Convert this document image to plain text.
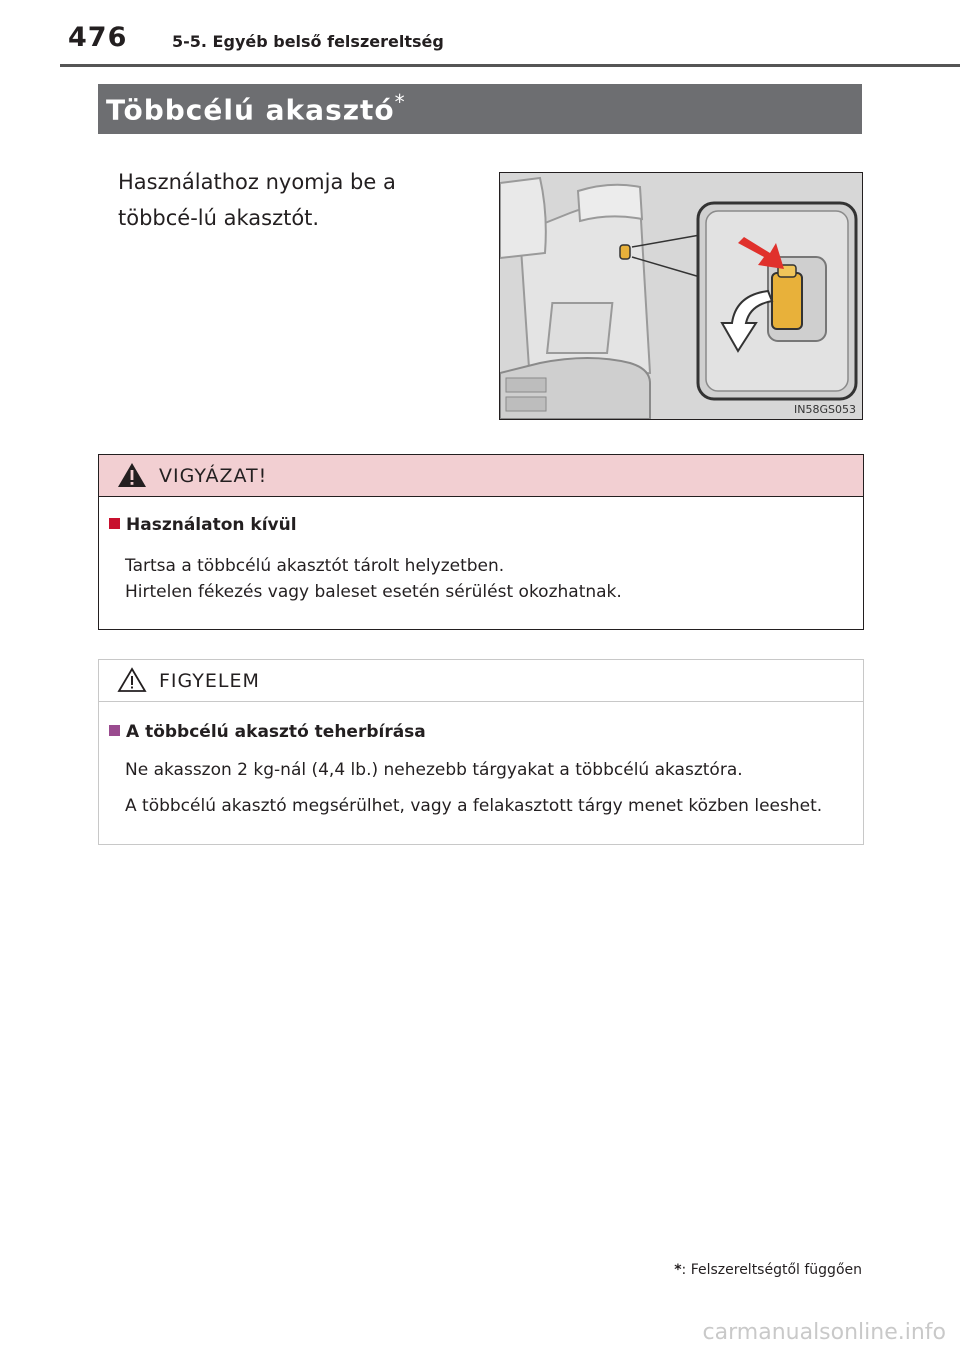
476	5-5. Egyéb belső felszereltség
Többcélú akasztó*
Használathoz nyomja be a többcé-lú akasztót.
IN58GS053
VIGYÁZAT!
Használaton kívül
Tartsa a többcélú akasztót tárolt helyzetben.
Hirtelen fékezés vagy baleset esetén sérülést okozhatnak.
FIGYELEM
A többcélú akasztó teherbírása
Ne akasszon 2 kg-nál (4,4 lb.) nehezebb tárgyakat a többcélú akasztóra.
A többcélú akasztó megsérülhet, vagy a felakasztott tárgy menet közben leeshet.
*: Felszereltségtől függően
carmanualsonline.info
